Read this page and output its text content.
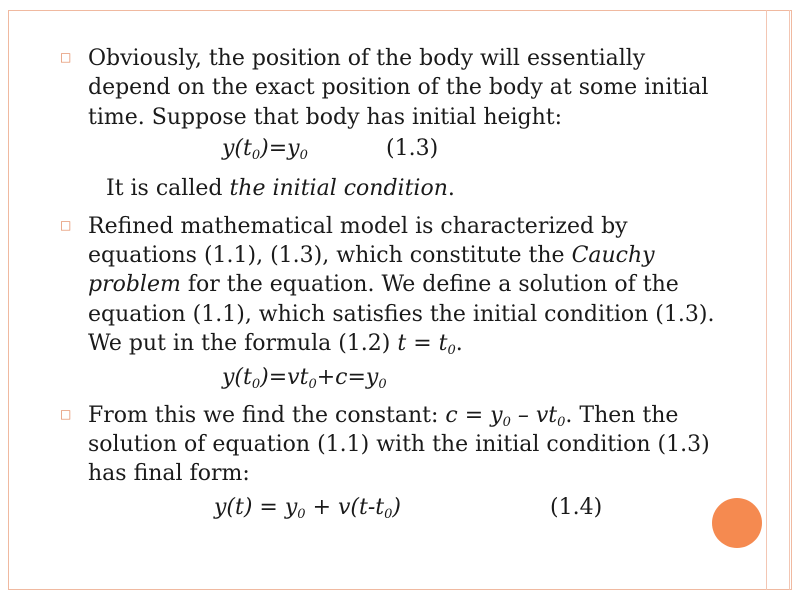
□
Obviously, the position of the body will essentially depend on the exact position of the body at some initial time. Suppose that body has initial height:
$y(t_0)=y_0$	(1.3)
It is called the initial condition.
□
Refined mathematical model is characterized by equations (1.1), (1.3), which constitute the Cauchy problem for the equation. We define a solution of the equation (1.1), which satisfies the initial condition (1.3). We put in the formula (1.2) $t = t_0$.
$y(t_0)=vt_0+c=y_0$
□
From this we find the constant: $c = y_0 - vt_0$. Then the solution of equation (1.1) with the initial condition (1.3) has final form:
$y(t) = y_0 + v(t-t_0)$	(1.4)
